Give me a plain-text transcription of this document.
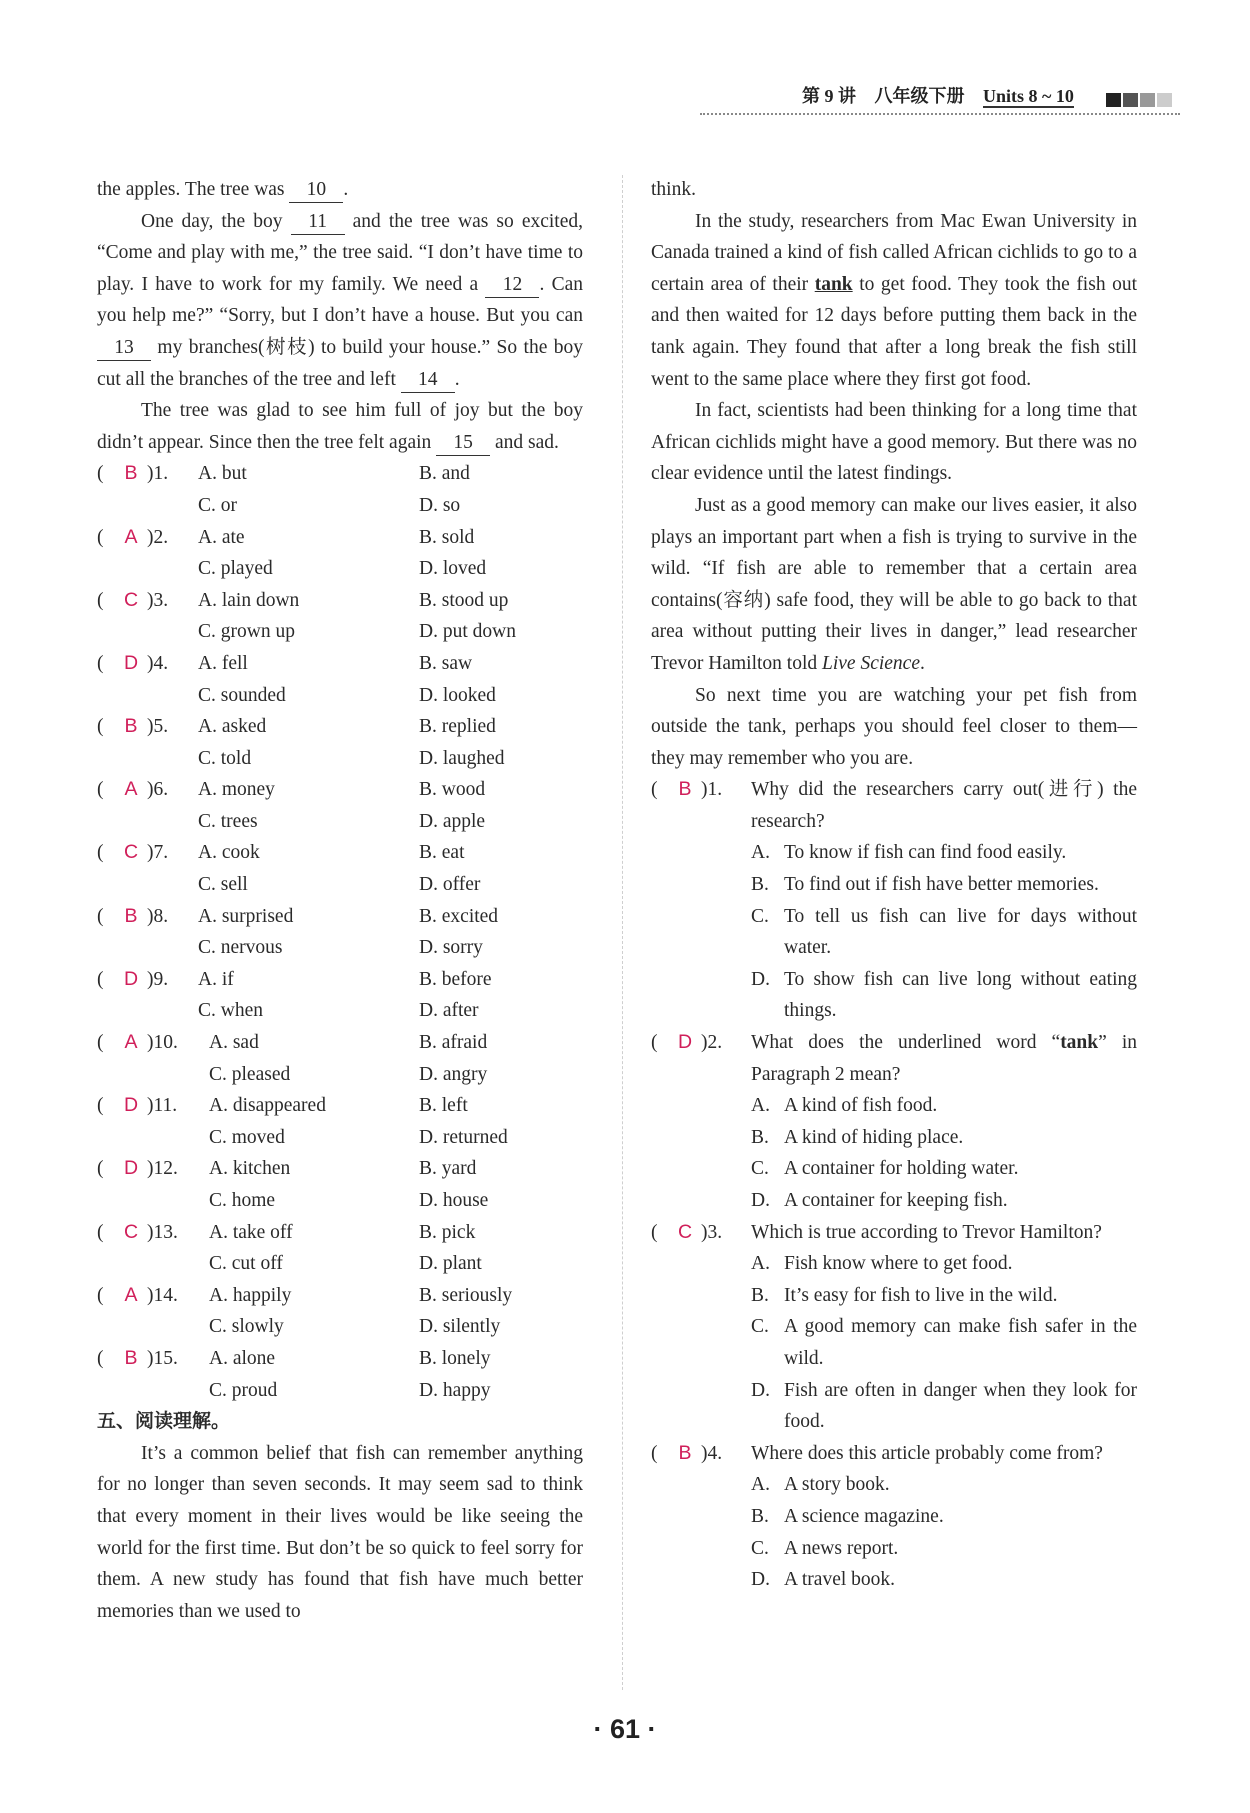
第 9 讲 八年级下册 Units 8 ~ 10

the apples. The tree was 10 .

One day, the boy 11 and the tree was so excited, “Come and play with me,” the tree said. “I don’t have time to play. I have to work for my family. We need a 12 . Can you help me?” “Sorry, but I don’t have a house. But you can 13 my branches(树枝) to build your house.” So the boy cut all the branches of the tree and left 14 .

The tree was glad to see him full of joy but the boy didn’t appear. Since then the tree felt again 15 and sad.

( B )1. A. but	B. and
C. or	D. so
( A )2. A. ate	B. sold
C. played	D. loved
( C )3. A. lain down	B. stood up
C. grown up	D. put down
( D )4. A. fell	B. saw
C. sounded	D. looked
( B )5. A. asked	B. replied
C. told	D. laughed
( A )6. A. money	B. wood
C. trees	D. apple
( C )7. A. cook	B. eat
C. sell	D. offer
( B )8. A. surprised	B. excited
C. nervous	D. sorry
( D )9. A. if	B. before
C. when	D. after
( A )10. A. sad	B. afraid
C. pleased	D. angry
( D )11. A. disappeared	B. left
C. moved	D. returned
( D )12. A. kitchen	B. yard
C. home	D. house
( C )13. A. take off	B. pick
C. cut off	D. plant
( A )14. A. happily	B. seriously
C. slowly	D. silently
( B )15. A. alone	B. lonely
C. proud	D. happy
五、阅读理解。

It’s a common belief that fish can remember anything for no longer than seven seconds. It may seem sad to think that every moment in their lives would be like seeing the world for the first time. But don’t be so quick to feel sorry for them. A new study has found that fish have much better memories than we used to

think.

In the study, researchers from Mac Ewan University in Canada trained a kind of fish called African cichlids to go to a certain area of their tank to get food. They took the fish out and then waited for 12 days before putting them back in the tank again. They found that after a long break the fish still went to the same place where they first got food.

In fact, scientists had been thinking for a long time that African cichlids might have a good memory. But there was no clear evidence until the latest findings.

Just as a good memory can make our lives easier, it also plays an important part when a fish is trying to survive in the wild. “If fish are able to remember that a certain area contains(容纳) safe food, they will be able to go back to that area without putting their lives in danger,” lead researcher Trevor Hamilton told Live Science.

So next time you are watching your pet fish from outside the tank, perhaps you should feel closer to them—they may remember who you are.

( B )1. Why did the researchers carry out(进行) the research?
A. To know if fish can find food easily.
B. To find out if fish have better memories.
C. To tell us fish can live for days without water.
D. To show fish can live long without eating things.
( D )2. What does the underlined word “tank” in Paragraph 2 mean?
A. A kind of fish food.
B. A kind of hiding place.
C. A container for holding water.
D. A container for keeping fish.
( C )3. Which is true according to Trevor Hamilton?
A. Fish know where to get food.
B. It’s easy for fish to live in the wild.
C. A good memory can make fish safer in the wild.
D. Fish are often in danger when they look for food.
( B )4. Where does this article probably come from?
A. A story book.
B. A science magazine.
C. A news report.
D. A travel book.
· 61 ·
